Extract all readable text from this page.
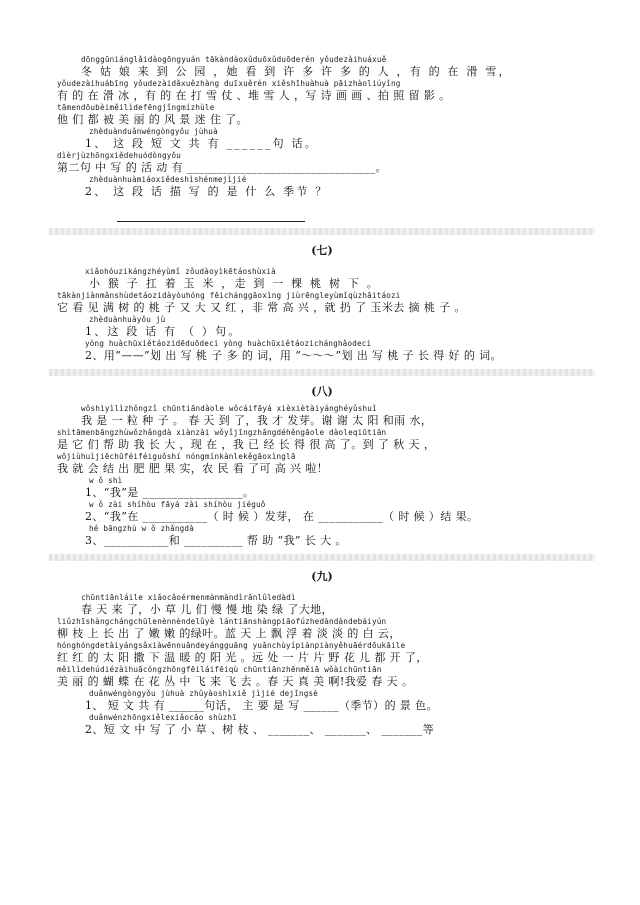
dōnggūniánglǎidàogōngyuán tākàndàoxǔduōxǔduōderén yǒudezàihuáxuě
冬 姑 娘 来 到 公 园 ，她 看 到 许 多 许 多 的 人 ，有 的 在 滑 雪，
yǒudezàihuábīng yǒudezàidǎxuězhàng duīxuěrén xiěshīhuàhuà pāizhàoliúyǐng
有 的 在 滑 冰 ，有 的 在 打 雪 仗 、堆 雪 人 ，写 诗 画 画 、拍 照 留 影 。
tāmendōubèiměilìdefēngjǐngmízhùle
他 们 都 被 美 丽 的 风 景 迷 住 了。
zhèduànduǎnwéngòngyǒu jùhuà
1、 这 段 短 文 共 有 ______句 话。
dìèrjùzhōngxiědehuódòngyǒu
第二句 中 写 的 活 动 有 ________________________________。
zhèduànhuàmiáoxiědeshìshénmejìjié
2、 这 段 话 描 写 的 是 什 么 季节 ？
(七)
xiǎohóuzikángzhéyùmǐ zǒudàoyìkētáoshùxià
小 猴 子 扛 着 玉 米 ，走 到 一 棵 桃 树 下 。
tākànjiànmǎnshùdetáozidàyòuhóng fēichánggāoxìng jiùrēngleyùmǐqùzhāitáozi
它 看 见 满 树 的 桃 子 又 大 又 红 ，非 常 高 兴 ，就 扔 了 玉米去 摘 桃 子 。
zhèduànhuàyǒu jù
1、这 段 话 有 （ ）句。
yòng huàchūxiětáozidēduōdeci yòng huàchūxiětáozichánghǎodeci
2、用“——”划 出 写 桃 子 多 的 词，用 “～～～”划 出 写 桃 子 长 得 好 的 词。
(八)
wǒshìyìlìzhǒngzǐ chūntiāndàole wǒcáifāyá xièxiètàiyánghéyǔshuǐ
我 是 一 粒 种 子 。 春 天 到 了，我 才 发芽。谢 谢 太 阳 和雨 水，
shìtāmenbāngzhùwǒzhǎngdà xiànzài wǒyǐjīngzhǎngdéhěngāole dàoleqiūtiān
是 它 们 帮 助 我 长 大 ，现 在 ，我 已 经 长 得 很 高 了。到 了 秋 天 ，
wǒjiùhuìjiēchūféiféiguǒshí nóngmínkànlekěgāoxìnglā
我 就 会 结 出 肥 肥 果 实，农 民 看 了可 高 兴 啦！
w ǒ shì
1、“我”是 _________________。
w ǒ zài shíhòu fāyá zài shíhòu jiéguǒ
2、“我”在 ___________（ 时 候 ）发芽， 在 ___________（ 时 候 ）结 果。
hé bāngzhù w ǒ zhǎngdà
3、___________和 __________ 帮 助 “我” 长 大 。
(九)
chūntiānláile xiǎocǎoérmenmànmàndìrǎnlǜledàdì
春 天 来 了，小 草 儿 们 慢 慢 地 染 绿 了大地，
liǔzhīshàngchángchūlenènnèndelǜyè lántiānshàngpiāofúzhedàndàndebáiyún
柳 枝 上 长 出 了 嫩 嫩 的绿叶。蓝 天 上 飘 浮 着 淡 淡 的 白 云，
hónghóngdetàiyángsǎxiàwēnnuǎndeyángguāng yuǎnchùyípiànpiànyěhuāérdōukāile
红 红 的 太 阳 撒 下 温 暖 的 阳 光 。远 处 一 片 片 野 花 儿 都 开 了，
měilìdehúdiézàihuācóngzhōngfēiláifēiqù chūntiānzhēnměiā wǒàichūntiān
美 丽 的 蝴 蝶 在 花 丛 中 飞 来 飞 去 。春 天 真 美 啊!我爱 春 天 。
duǎnwéngòngyǒu jùhuà zhǔyàoshìxiě jìjié dejǐngsè
1、 短 文 共 有 ______句话， 主 要 是 写 ______（季节）的 景 色。
duǎnwénzhōngxiělexiǎocǎo shùzhī
2、短 文 中 写 了 小 草 、树 枝 、 _______、 _______、 _______等
